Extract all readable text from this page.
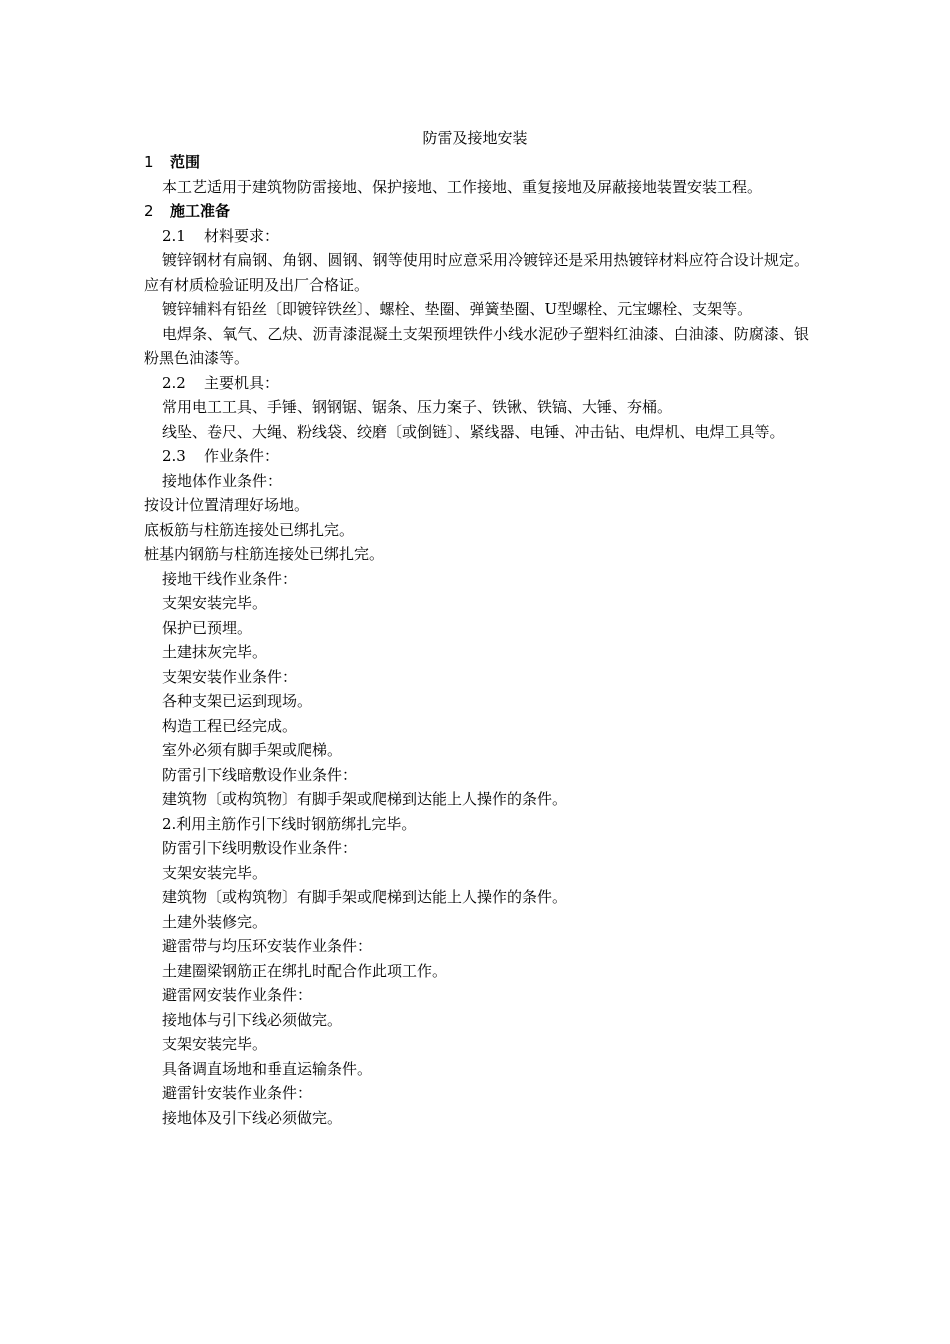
防雷及接地安装
1 范围
本工艺适用于建筑物防雷接地、保护接地、工作接地、重复接地及屏蔽接地装置安装工程。
2 施工准备
2.1 材料要求：
镀锌钢材有扁钢、角钢、圆钢、钢等使用时应意采用冷镀锌还是采用热镀锌材料应符合设计规定。应有材质检验证明及出厂合格证。
镀锌辅料有铅丝〔即镀锌铁丝〕、螺栓、垫圈、弹簧垫圈、U型螺栓、元宝螺栓、支架等。
电焊条、氧气、乙炔、沥青漆混凝土支架预埋铁件小线水泥砂子塑料红油漆、白油漆、防腐漆、银粉黑色油漆等。
2.2 主要机具：
常用电工工具、手锤、钢钢锯、锯条、压力案子、铁锹、铁镐、大锤、夯桶。
线坠、卷尺、大绳、粉线袋、绞磨〔或倒链〕、紧线器、电锤、冲击钻、电焊机、电焊工具等。
2.3 作业条件：
接地体作业条件：
按设计位置清理好场地。
底板筋与柱筋连接处已绑扎完。
桩基内钢筋与柱筋连接处已绑扎完。
接地干线作业条件：
支架安装完毕。
保护已预埋。
土建抹灰完毕。
支架安装作业条件：
各种支架已运到现场。
构造工程已经完成。
室外必须有脚手架或爬梯。
防雷引下线暗敷设作业条件：
建筑物〔或构筑物〕有脚手架或爬梯到达能上人操作的条件。
2.利用主筋作引下线时钢筋绑扎完毕。
防雷引下线明敷设作业条件：
支架安装完毕。
建筑物〔或构筑物〕有脚手架或爬梯到达能上人操作的条件。
土建外装修完。
避雷带与均压环安装作业条件：
土建圈梁钢筋正在绑扎时配合作此项工作。
避雷网安装作业条件：
接地体与引下线必须做完。
支架安装完毕。
具备调直场地和垂直运输条件。
避雷针安装作业条件：
接地体及引下线必须做完。
